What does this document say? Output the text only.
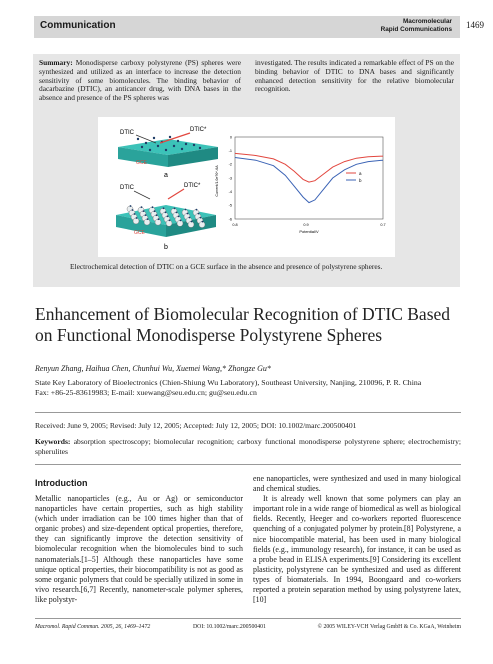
Communication	Macromolecular
Rapid Communications 1469
Summary: Monodisperse carboxy polystyrene (PS) spheres were synthesized and utilized as an interface to increase the detection sensitivity of some biomolecules. The binding behavior of dacarbazine (DTIC), an anticancer drug, with DNA bases in the absence and presence of the PS spheres was
investigated. The results indicated a remarkable effect of PS on the binding behavior of DTIC to DNA bases and significantly enhanced detection sensitivity for the relative biomolecular recognition.
DTIC	DTIC*
GCE
a
DTIC	DTIC*
GCE
b
Current/1.0e?0^-6A
Potential/V
0
-1
-2
-3
-4
-5
-6
0.8	0.9	0.7
a
b
Electrochemical detection of DTIC on a GCE surface in the absence and presence of polystyrene spheres.
Enhancement of Biomolecular Recognition of DTIC Based on Functional Monodisperse Polystyrene Spheres
Renyun Zhang, Haihua Chen, Chunhui Wu, Xuemei Wang,* Zhongze Gu*
State Key Laboratory of Bioelectronics (Chien-Shiung Wu Laboratory), Southeast University, Nanjing, 210096, P. R. China
Fax: +86-25-83619983; E-mail: xuewang@seu.edu.cn; gu@seu.edu.cn
Received: June 9, 2005; Revised: July 12, 2005; Accepted: July 12, 2005; DOI: 10.1002/marc.200500401
Keywords: absorption spectroscopy; biomolecular recognition; carboxy functional monodisperse polystyrene sphere; electrochemistry; spherulites
Introduction
Metallic nanoparticles (e.g., Au or Ag) or semiconductor nanoparticles have certain properties, such as high stability (which under irradiation can be 100 times higher than that of organic probes) and size-dependent optical properties, therefore, they can significantly improve the detection sensitivity of biomolecular recognition when the biomolecules bind to such nanomaterials.[1–5] Although these nanoparticles have some unique optical properties, their biocompatibility is not as good as some organic polymers that could be specially utilized in some in vivo research.[6,7] Recently, nanometer-scale polymer spheres, like polystyr-
ene nanoparticles, were synthesized and used in many biological and chemical studies.
It is already well known that some polymers can play an important role in a wide range of biomedical as well as biological fields. Recently, Heeger and co-workers reported fluorescence quenching of a conjugated polymer by protein.[8] Polystyrene, a nice biocompatible material, has been used in many biological fields (e.g., immunology research), for instance, it can be used as a probe bead in ELISA experiments.[9] Considering its excellent plasticity, polystyrene can be synthesized and used as different types of biomaterials. In 1994, Boongaard and co-workers reported a protein separation method by using polystyrene latex,[10]
Macromol. Rapid Commun. 2005, 26, 1469–1472	DOI: 10.1002/marc.200500401	© 2005 WILEY-VCH Verlag GmbH & Co. KGaA, Weinheim
